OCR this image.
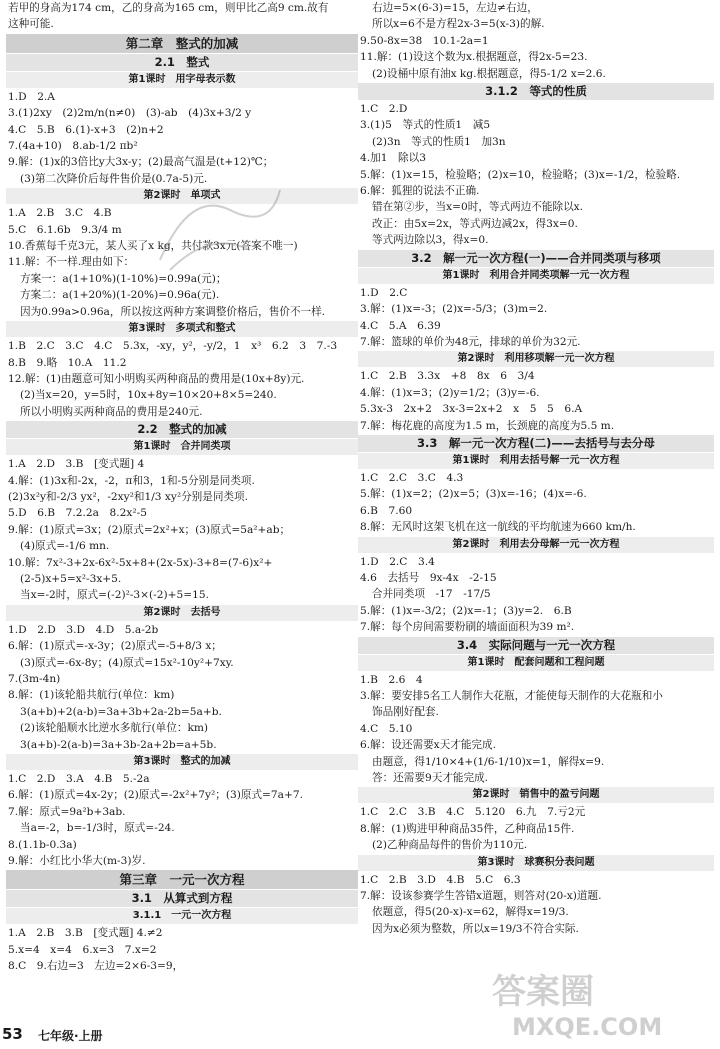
若甲的身高为174 cm，乙的身高为165 cm，则甲比乙高9 cm.故有
这种可能.
第二章　整式的加减
2.1　整式
第1课时　用字母表示数
1.D　2.A
3.(1)2xy　(2)2m/n(n≠0)　(3)-ab　(4)3x+3/2 y
4.C　5.B　6.(1)-x+3　(2)n+2
7.(4a+10)　8.ab-1/2 πb²
9.解：(1)x的3倍比y大3x-y；(2)最高气温是(t+12)℃；
(3)第二次降价后每件售价是(0.7a-5)元.
第2课时　单项式
1.A　2.B　3.C　4.B
5.C　6.1.6b　9.3/4 m
10.香蕉每千克3元，某人买了x kg，共付款3x元(答案不唯一)
11.解：不一样.理由如下：
方案一：a(1+10%)(1-10%)=0.99a(元)；
方案二：a(1+20%)(1-20%)=0.96a(元).
因为0.99a>0.96a，所以按这两种方案调整价格后，售价不一样.
第3课时　多项式和整式
1.B　2.C　3.C　4.C　5.3x，-xy，y²，-y/2，1　x³　6.2　3　7.-3
8.B　9.略　10.A　11.2
12.解：(1)由题意可知小明购买两种商品的费用是(10x+8y)元.
(2)当x=20，y=5时，10x+8y=10×20+8×5=240.
所以小明购买两种商品的费用是240元.
2.2　整式的加减
第1课时　合并同类项
1.A　2.D　3.B　[变式题] 4
4.解：(1)3x和-2x，-2，π和3，1和-5分别是同类项.
(2)3x²y和-2/3 yx²，-2xy²和1/3 xy²分别是同类项.
5.D　6.B　7.2.2a　8.2x²-5
9.解：(1)原式=3x；(2)原式=2x²+x；(3)原式=5a²+ab；
(4)原式=-1/6 mn.
10.解：7x²-3+2x-6x²-5x+8+(2x-5x)-3+8=(7-6)x²+
(2-5)x+5=x²-3x+5.
当x=-2时，原式=(-2)²-3×(-2)+5=15.
第2课时　去括号
1.D　2.D　3.D　4.D　5.a-2b
6.解：(1)原式=-x-3y；(2)原式=-5+8/3 x；
(3)原式=-6x-8y；(4)原式=15x²-10y²+7xy.
7.(3m-4n)
8.解：(1)该轮船共航行(单位：km)
3(a+b)+2(a-b)=3a+3b+2a-2b=5a+b.
(2)该轮船顺水比逆水多航行(单位：km)
3(a+b)-2(a-b)=3a+3b-2a+2b=a+5b.
第3课时　整式的加减
1.C　2.D　3.A　4.B　5.-2a
6.解：(1)原式=4x-2y；(2)原式=-2x²+7y²；(3)原式=7a+7.
7.解：原式=9a²b+3ab.
当a=-2，b=-1/3时，原式=-24.
8.(1.1b-0.3a)
9.解：小红比小华大(m-3)岁.
第三章　一元一次方程
3.1　从算式到方程
3.1.1　一元一次方程
1.A　2.B　3.B　[变式题] 4.≠2
5.x=4　x=4　6.x=3　7.x=2
8.C　9.右边=3　左边=2×6-3=9，
右边=5×(6-3)=15，左边≠右边，
所以x=6不是方程2x-3=5(x-3)的解.
9.50-8x=38　10.1-2a=1
11.解：(1)设这个数为x.根据题意，得2x-5=23.
(2)设桶中原有油x kg.根据题意，得5-1/2 x=2.6.
3.1.2　等式的性质
1.C　2.D
3.(1)5　等式的性质1　减5
(2)3n　等式的性质1　加3n
4.加1　除以3
5.解：(1)x=15，检验略；(2)x=10，检验略；(3)x=-1/2，检验略.
6.解：狐狸的说法不正确.
错在第②步，当x=0时，等式两边不能除以x.
改正：由5x=2x，等式两边减2x，得3x=0.
等式两边除以3，得x=0.
3.2　解一元一次方程(一)——合并同类项与移项
第1课时　利用合并同类项解一元一次方程
1.D　2.C
3.解：(1)x=-3；(2)x=-5/3；(3)m=2.
4.C　5.A　6.39
7.解：篮球的单价为48元，排球的单价为32元.
第2课时　利用移项解一元一次方程
1.C　2.B　3.3x　+8　8x　6　3/4
4.解：(1)x=3；(2)y=1/2；(3)y=-6.
5.3x-3　2x+2　3x-3=2x+2　x　5　5　6.A
7.解：梅花鹿的高度为1.5 m，长颈鹿的高度为5.5 m.
3.3　解一元一次方程(二)——去括号与去分母
第1课时　利用去括号解一元一次方程
1.C　2.C　3.C　4.3
5.解：(1)x=2；(2)x=5；(3)x=-16；(4)x=-6.
6.B　7.60
8.解：无风时这架飞机在这一航线的平均航速为660 km/h.
第2课时　利用去分母解一元一次方程
1.D　2.C　3.4
4.6　去括号　9x-4x　-2-15
合并同类项　-17　-17/5
5.解：(1)x=-3/2；(2)x=-1；(3)y=2.　6.B
7.解：每个房间需要粉刷的墙面面积为39 m².
3.4　实际问题与一元一次方程
第1课时　配套问题和工程问题
1.B　2.6　4
3.解：要安排5名工人制作大花瓶，才能使每天制作的大花瓶和小
饰品刚好配套.
4.C　5.10
6.解：设还需要x天才能完成.
由题意，得1/10×4+(1/6-1/10)x=1，解得x=9.
答：还需要9天才能完成.
第2课时　销售中的盈亏问题
1.C　2.C　3.B　4.C　5.120　6.九　7.亏2元
8.解：(1)购进甲种商品35件，乙种商品15件.
(2)乙种商品每件的售价为110元.
第3课时　球赛积分表问题
1.C　2.B　3.D　4.B　5.C　6.3
7.解：设该参赛学生答错x道题，则答对(20-x)道题.
依题意，得5(20-x)-x=62，解得x=19/3.
因为x必须为整数，所以x=19/3不符合实际.
答案圈
MXQE.COM
53 七年级·上册
